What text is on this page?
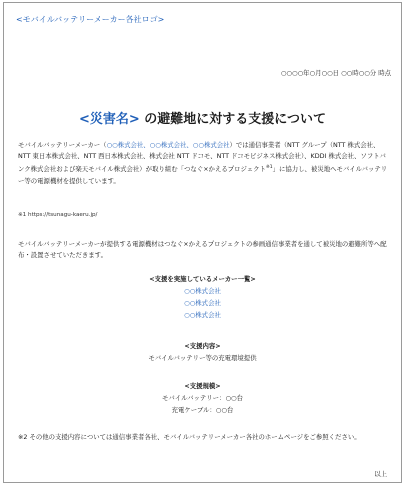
<モバイルバッテリーメーカー各社ロゴ>
○○○○年○月○○日 ○○時○○分 時点
<災害名> の避難地に対する支援について
モバイルバッテリーメーカー（○○株式会社、○○株式会社、○○株式会社）では通信事業者（NTT グループ（NTT 株式会社、NTT 東日本株式会社、NTT 西日本株式会社、株式会社 NTT ドコモ、NTT ドコモビジネス株式会社）、KDDI 株式会社、ソフトバンク株式会社および楽天モバイル株式会社）が取り組む「つなぐ×かえるプロジェクト$^{※1}$」に協力し、被災地へモバイルバッテリー等の電源機材を提供しています。
※1 https://tsunagu-kaeru.jp/
モバイルバッテリーメーカーが提供する電源機材はつなぐ×かえるプロジェクトの参画通信事業者を通して被災地の避難所等へ配布・設置させていただきます。
<支援を実施しているメーカー一覧>
○○株式会社
○○株式会社
○○株式会社
<支援内容>
モバイルバッテリー等の充電環境提供
<支援規模>
モバイルバッテリー：○○台
充電ケーブル：○○台
※2 その他の支援内容については通信事業者各社、モバイルバッテリーメーカー各社のホームページをご参照ください。
以上
